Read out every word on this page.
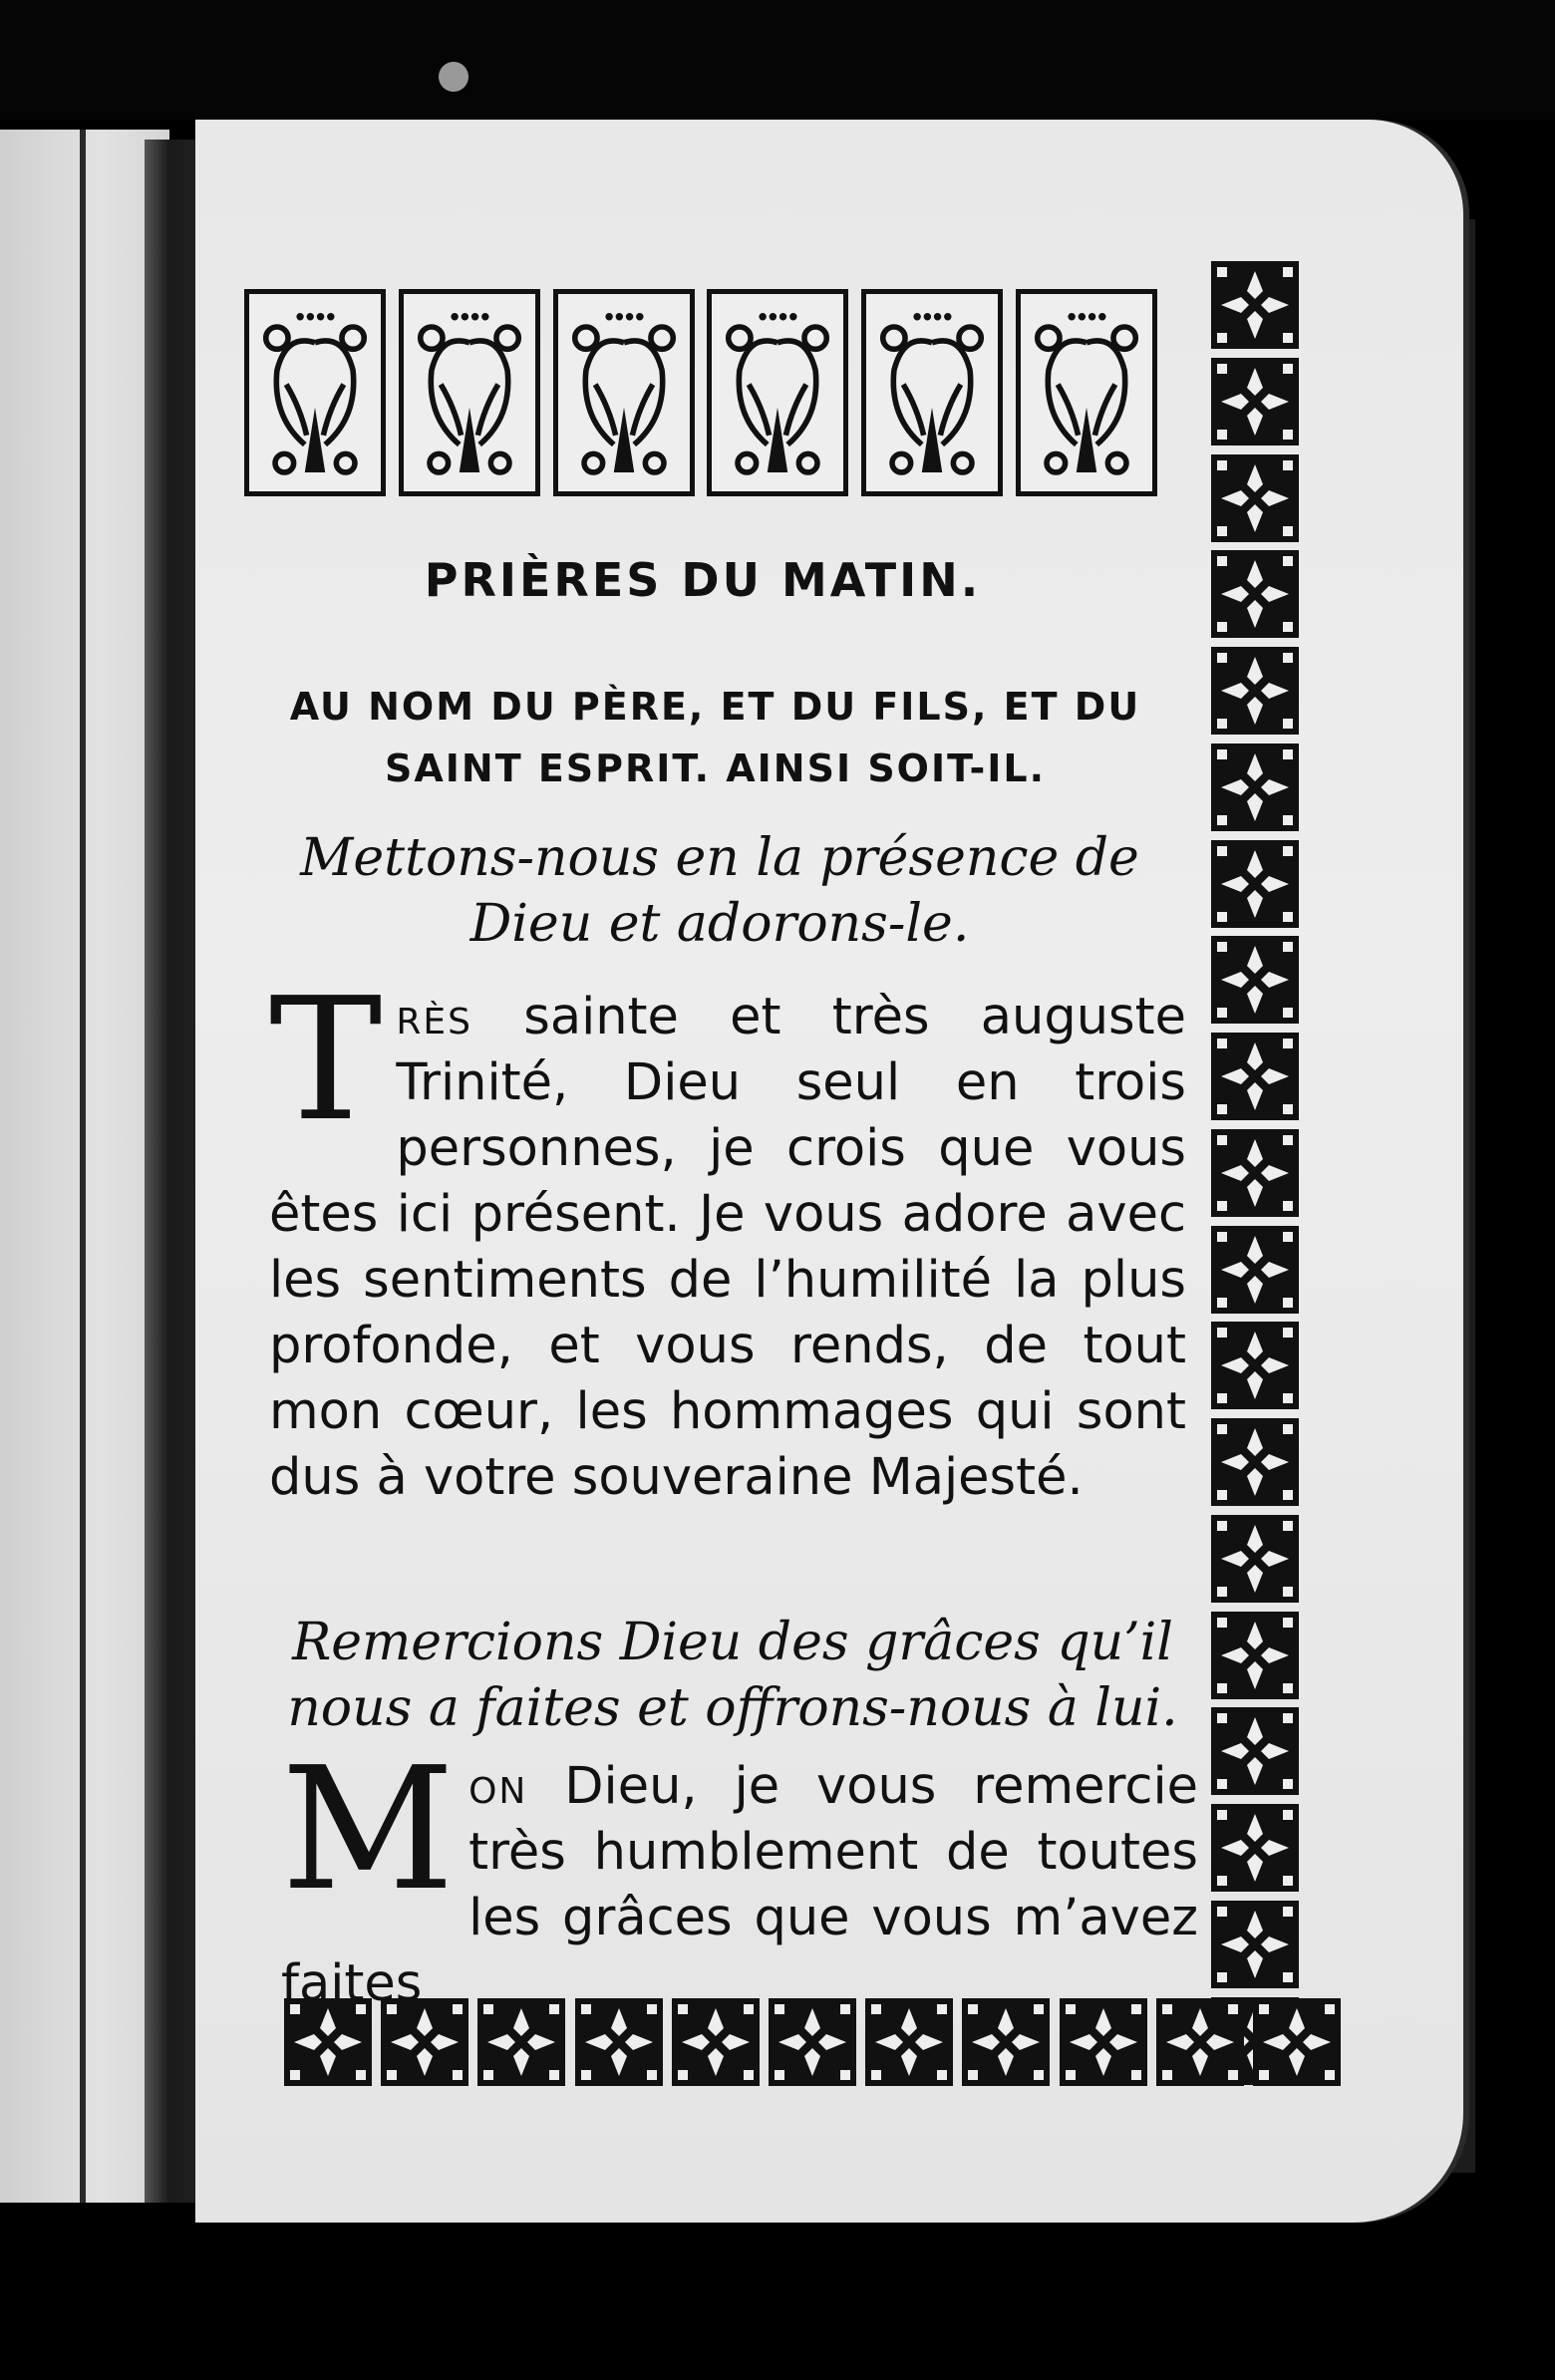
PRIÈRES DU MATIN.
AU NOM DU PÈRE, ET DU FILS, ET DU SAINT ESPRIT. AINSI SOIT-IL.
Mettons-nous en la présence de Dieu et adorons-le.
Très sainte et très auguste Trinité, Dieu seul en trois personnes, je crois que vous êtes ici présent. Je vous adore avec les sentiments de l’humilité la plus profonde, et vous rends, de tout mon cœur, les hommages qui sont dus à votre souveraine Majesté.
Remercions Dieu des grâces qu’il nous a faites et offrons-nous à lui.
Mon Dieu, je vous remercie très humblement de toutes les grâces que vous m’avez faites
